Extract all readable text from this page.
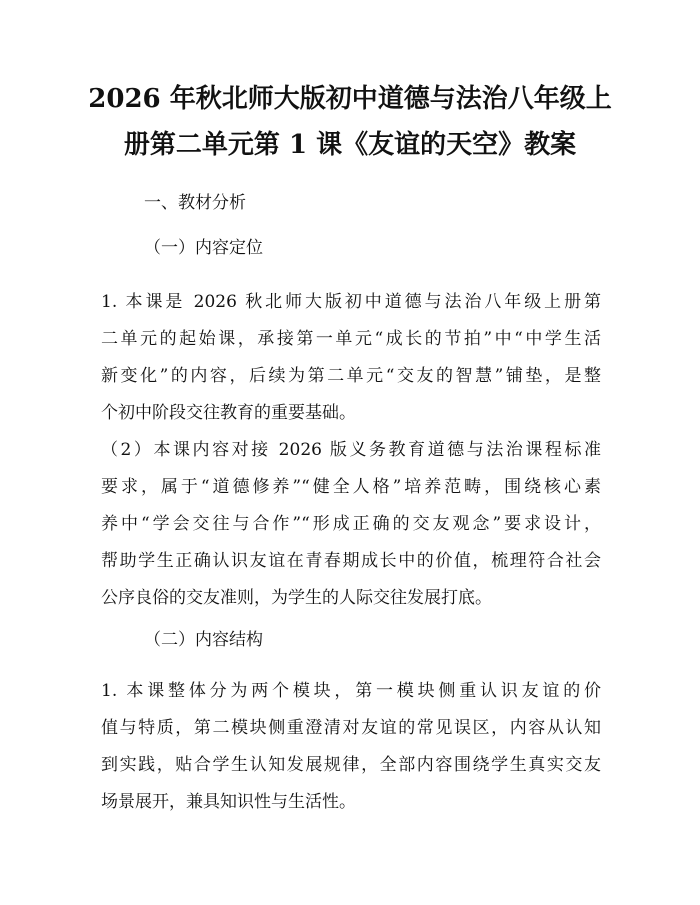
2026 年秋北师大版初中道德与法治八年级上
册第二单元第 1 课《友谊的天空》教案
一、教材分析
（一）内容定位
1. 本课是 2026 秋北师大版初中道德与法治八年级上册第
二单元的起始课，承接第一单元“成长的节拍”中“中学生活
新变化”的内容，后续为第二单元“交友的智慧”铺垫，是整
个初中阶段交往教育的重要基础。
（2）本课内容对接 2026 版义务教育道德与法治课程标准
要求，属于“道德修养”“健全人格”培养范畴，围绕核心素
养中“学会交往与合作”“形成正确的交友观念”要求设计，
帮助学生正确认识友谊在青春期成长中的价值，梳理符合社会
公序良俗的交友准则，为学生的人际交往发展打底。
（二）内容结构
1. 本课整体分为两个模块，第一模块侧重认识友谊的价
值与特质，第二模块侧重澄清对友谊的常见误区，内容从认知
到实践，贴合学生认知发展规律，全部内容围绕学生真实交友
场景展开，兼具知识性与生活性。
